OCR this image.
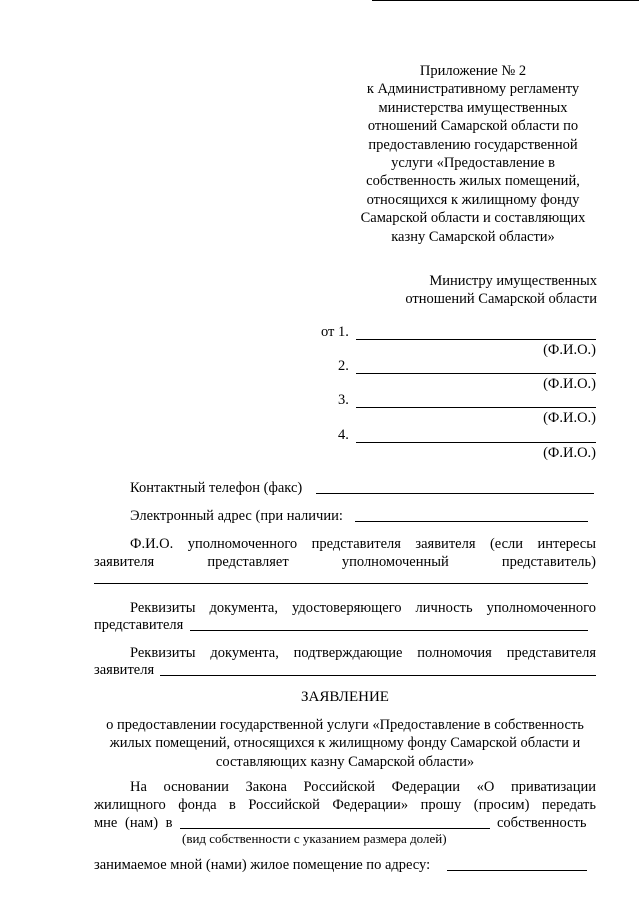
Приложение № 2
к Административному регламенту
министерства имущественных
отношений Самарской области по
предоставлению государственной
услуги «Предоставление в
собственность жилых помещений,
относящихся к жилищному фонду
Самарской области и составляющих
казну Самарской области»
Министру имущественных
отношений Самарской области
от 1.
(Ф.И.О.)
2.
(Ф.И.О.)
3.
(Ф.И.О.)
4.
(Ф.И.О.)
Контактный телефон (факс)
Электронный адрес (при наличии:
Ф.И.О. уполномоченного представителя заявителя (если интересы
заявителя представляет уполномоченный представитель)
Реквизиты документа, удостоверяющего личность уполномоченного
представителя
Реквизиты документа, подтверждающие полномочия представителя
заявителя
ЗАЯВЛЕНИЕ
о предоставлении государственной услуги «Предоставление в собственность
жилых помещений, относящихся к жилищному фонду Самарской области и
составляющих казну Самарской области»
На основании Закона Российской Федерации «О приватизации
жилищного фонда в Российской Федерации» прошу (просим) передать
мне (нам) в	собственность
(вид собственности с указанием размера долей)
занимаемое мной (нами) жилое помещение по адресу:
